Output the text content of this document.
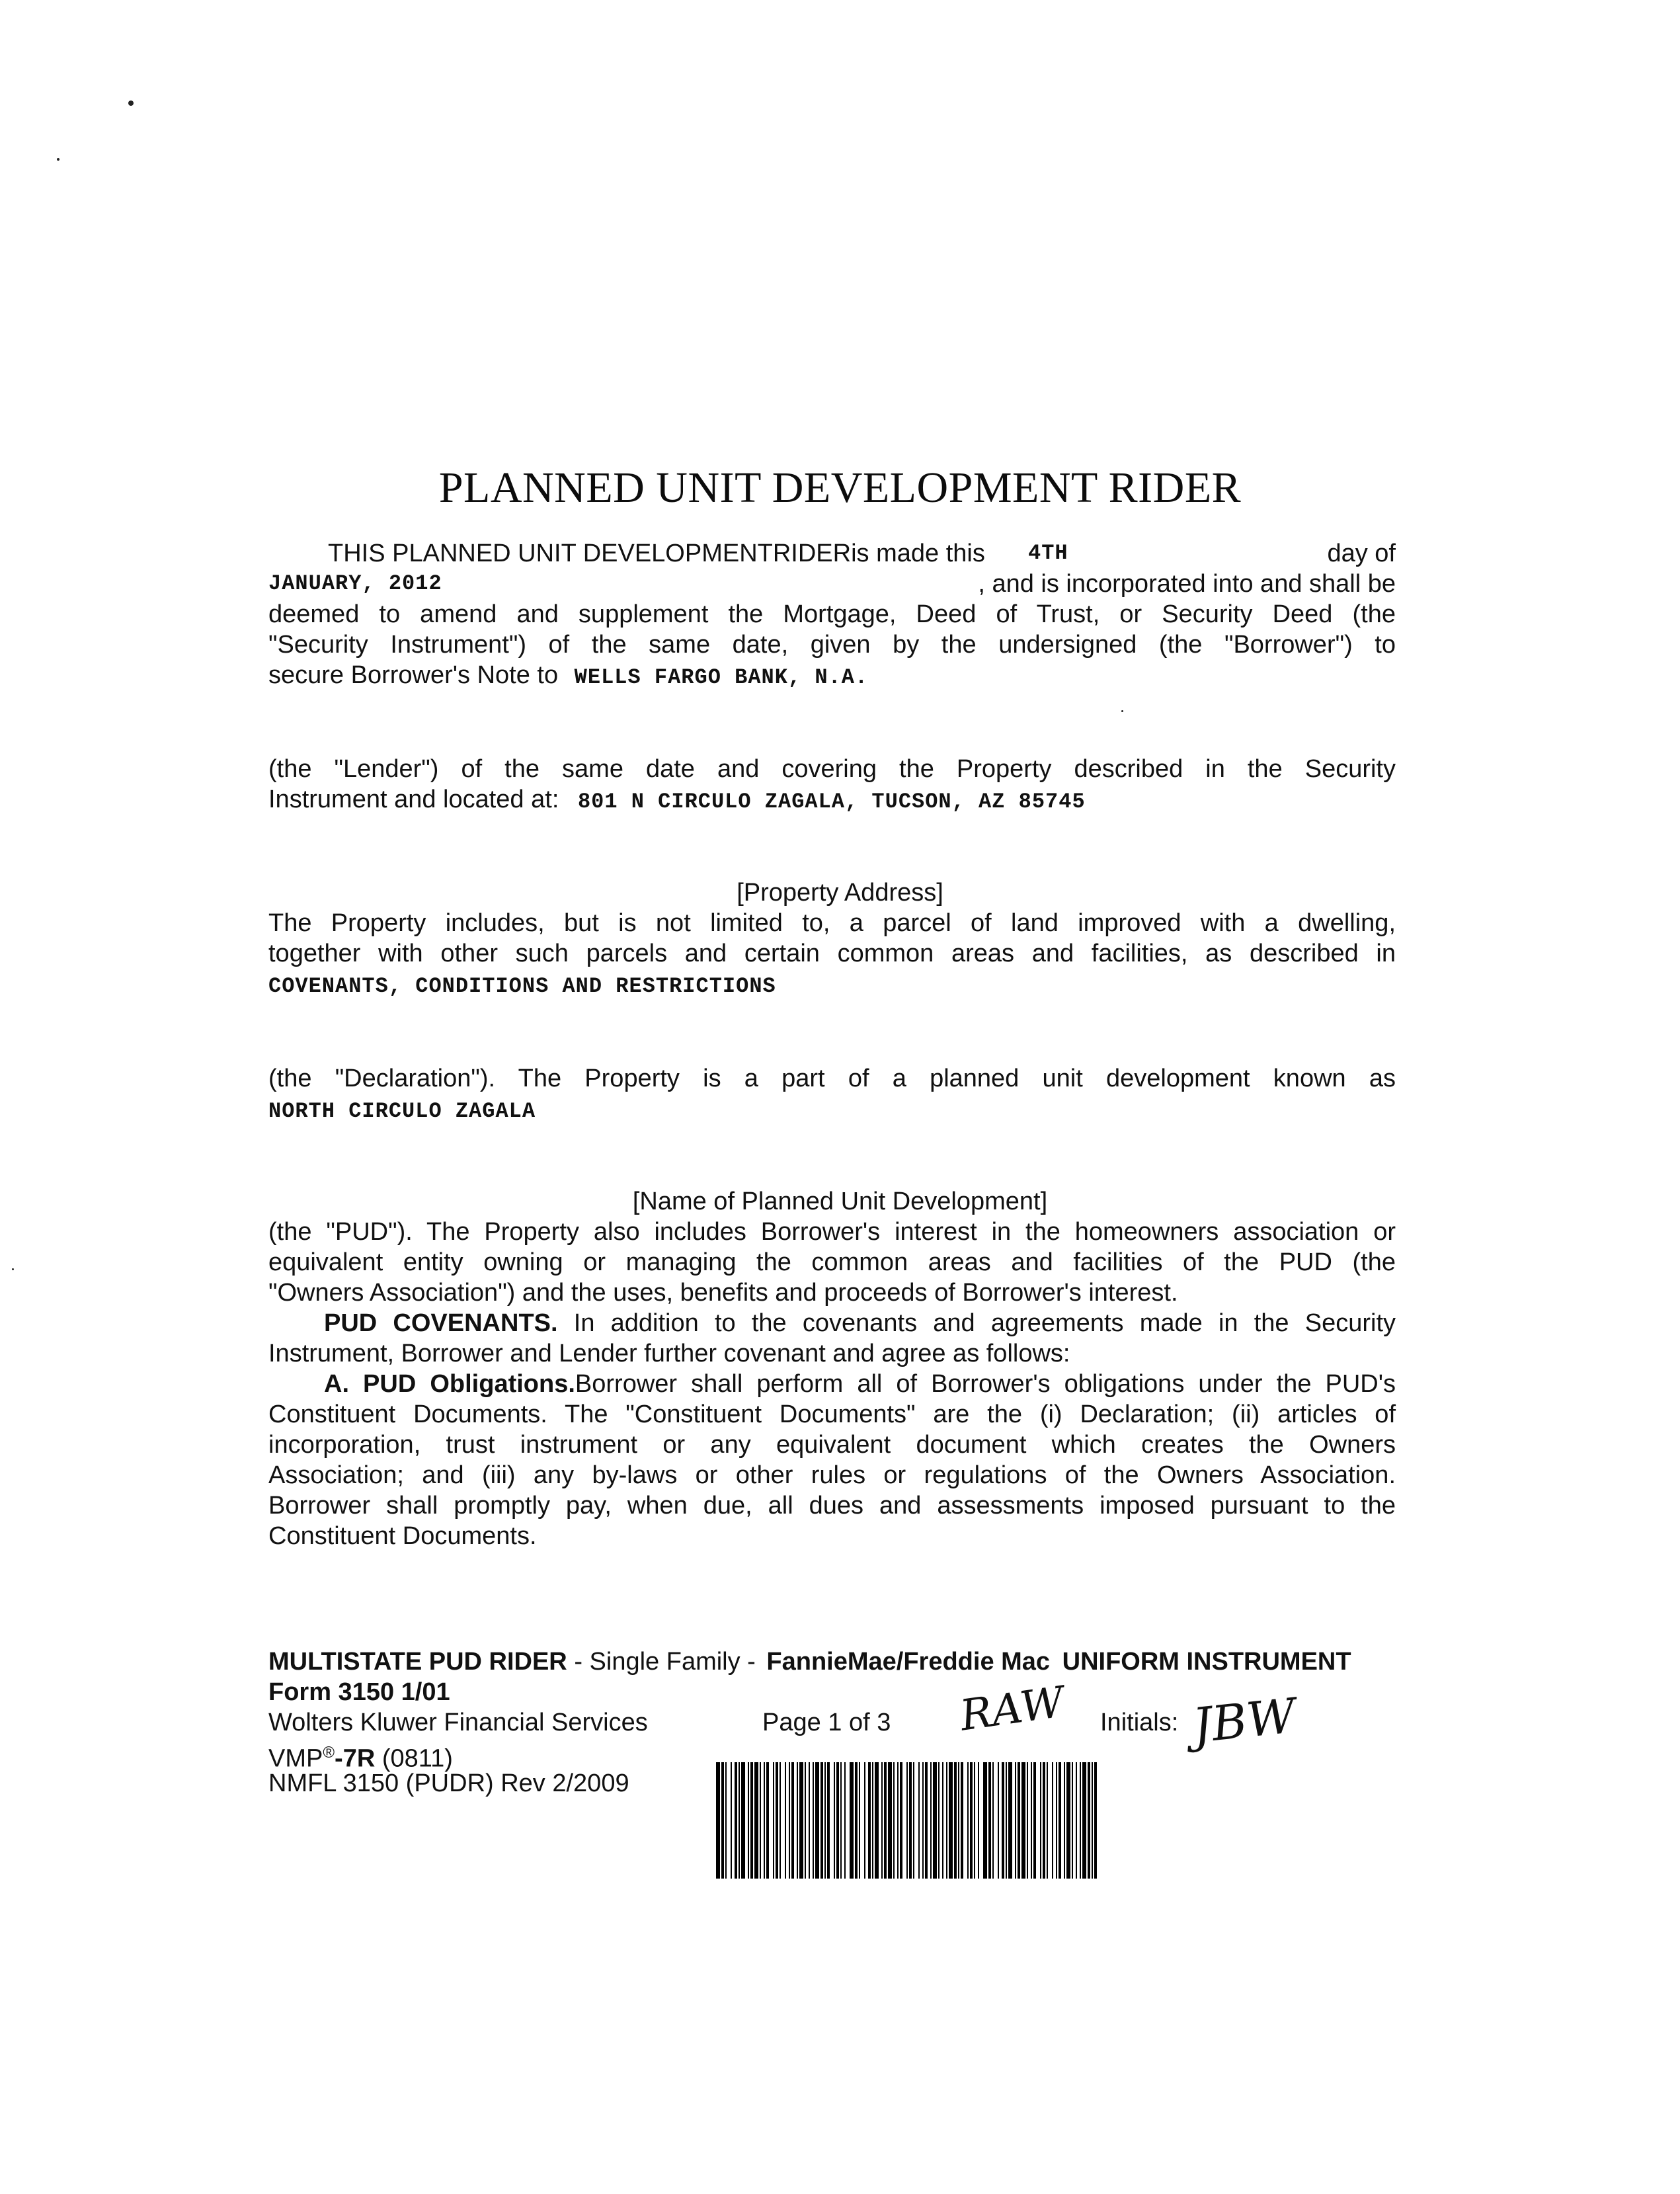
PLANNED UNIT DEVELOPMENT RIDER
THIS PLANNED UNIT DEVELOPMENTRIDERis made this 4TH	day of
JANUARY, 2012	, and is incorporated into and shall be
deemed to amend and supplement the Mortgage, Deed of Trust, or Security Deed (the
"Security Instrument") of the same date, given by the undersigned (the "Borrower") to
secure Borrower's Note to WELLS FARGO BANK, N.A.
(the "Lender") of the same date and covering the Property described in the Security
Instrument and located at: 801 N CIRCULO ZAGALA, TUCSON, AZ 85745
[Property Address]
The Property includes, but is not limited to, a parcel of land improved with a dwelling,
together with other such parcels and certain common areas and facilities, as described in
COVENANTS, CONDITIONS AND RESTRICTIONS
(the "Declaration"). The Property is a part of a planned unit development known as
NORTH CIRCULO ZAGALA
[Name of Planned Unit Development]
(the "PUD"). The Property also includes Borrower's interest in the homeowners association or
equivalent entity owning or managing the common areas and facilities of the PUD (the
"Owners Association") and the uses, benefits and proceeds of Borrower's interest.
PUD COVENANTS. In addition to the covenants and agreements made in the Security
Instrument, Borrower and Lender further covenant and agree as follows:
A. PUD Obligations.Borrower shall perform all of Borrower's obligations under the PUD's
Constituent Documents. The "Constituent Documents" are the (i) Declaration; (ii) articles of
incorporation, trust instrument or any equivalent document which creates the Owners
Association; and (iii) any by-laws or other rules or regulations of the Owners Association.
Borrower shall promptly pay, when due, all dues and assessments imposed pursuant to the
Constituent Documents.
MULTISTATE PUD RIDER - Single Family - FannieMae/Freddie Mac UNIFORM INSTRUMENT
Form 3150 1/01
Wolters Kluwer Financial Services
VMP®-7R (0811)
NMFL 3150 (PUDR) Rev 2/2009
Page 1 of 3	Initials:
RAW	JBW
